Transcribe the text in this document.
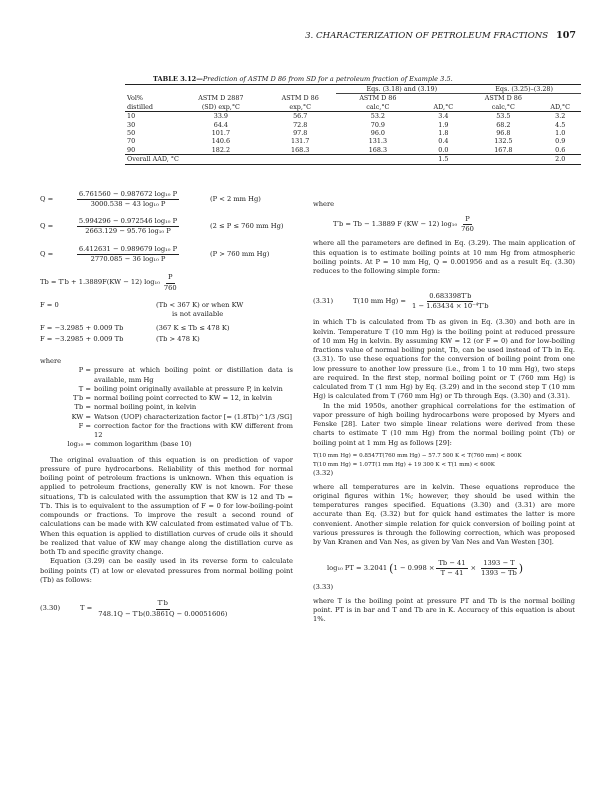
3. CHARACTERIZATION OF PETROLEUM FRACTIONS 107
TABLE 3.12—Prediction of ASTM D 86 from SD for a petroleum fraction of Example 3.5.
			Eqs. (3.18) and (3.19)		Eqs. (3.25)–(3.28)	
Vol%	ASTM D 2887	ASTM D 86	ASTM D 86		ASTM D 86	
distilled	(SD) exp,°C	exp,°C	calc,°C	AD,°C	calc,°C	AD,°C
10	33.9	56.7	53.2	3.4	53.5	3.2
30	64.4	72.8	70.9	1.9	68.2	4.5
50	101.7	97.8	96.0	1.8	96.8	1.0
70	140.6	131.7	131.3	0.4	132.5	0.9
90	182.2	168.3	168.3	0.0	167.8	0.6
Overall AAD, °C				1.5		2.0
Q =	$\frac{\text{6.761560 − 0.987672 log₁₀ P}}{\text{3000.538 − 43 log₁₀ P}} (P < 2$ mm Hg)
Q =	$\frac{\text{5.994296 − 0.972546 log₁₀ P}}{\text{2663.129 − 95.76 log₁₀ P}} (2 \le P \le 760$ mm Hg)
Q =	$\frac{\text{6.412631 − 0.989679 log₁₀ P}}{\text{2770.085 − 36 log₁₀ P}} (P > 760$ mm Hg)
Tb = T′b + 1.3889F(KW − 12) $\log_{10} \frac{P}{760}$
F = 0	(Tb < 367 K) or when KW
is not available
F = −3.2985 + 0.009 Tb	(367 K ≤ Tb ≤ 478 K)
F = −3.2985 + 0.009 Tb	(Tb > 478 K)
where
P = pressure at which boiling point or distillation data is available, mm Hg
T = boiling point originally available at pressure P, in kelvin
T′b = normal boiling point corrected to KW = 12, in kelvin
Tb = normal boiling point, in kelvin
KW = Watson (UOP) characterization factor [= (1.8Tb)^1/3 /SG]
F = correction factor for the fractions with KW different from 12
log₁₀ = common logarithm (base 10)

The original evaluation of this equation is on prediction of vapor pressure of pure hydrocarbons. Reliability of this method for normal boiling point of petroleum fractions is unknown. When this equation is applied to petroleum fractions, generally KW is not known. For these situations, T′b is calculated with the assumption that KW is 12 and Tb = T′b. This is to equivalent to the assumption of F = 0 for low-boiling-point compounds or fractions. To improve the result a second round of calculations can be made with KW calculated from estimated value of T′b. When this equation is applied to distillation curves of crude oils it should be realized that value of KW may change along the distillation curve as both Tb and specific gravity change.

Equation (3.29) can be easily used in its reverse form to calculate boiling points (T) at low or elevated pressures from normal boiling point (Tb) as follows:

(3.30)	$T = \frac{T'b}{748.1Q - T'b(0.3861Q - 0.00051606)}$
where
T′b = Tb − 1.3889 F (KW − 12) $\log_{10} \frac{P}{760}$

where all the parameters are defined in Eq. (3.29). The main application of this equation is to estimate boiling points at 10 mm Hg from atmospheric boiling points. At P = 10 mm Hg, Q = 0.001956 and as a result Eq. (3.30) reduces to the following simple form:

(3.31)	T(10 mm $Hg) = \frac{0.683398T'b}{\text{1 − 1.63434 × 10⁻⁴T′b}}$

in which T′b is calculated from Tb as given in Eq. (3.30) and both are in kelvin. Temperature T (10 mm Hg) is the boiling point at reduced pressure of 10 mm Hg in kelvin. By assuming KW = 12 (or F = 0) and for low-boiling fractions value of normal boiling point, Tb, can be used instead of T′b in Eq. (3.31). To use these equations for the conversion of boiling point from one low pressure to another low pressure (i.e., from 1 to 10 mm Hg), two steps are required. In the first step, normal boiling point or T (760 mm Hg) is calculated from T (1 mm Hg) by Eq. (3.29) and in the second step T (10 mm Hg) is calculated from T (760 mm Hg) or Tb through Eqs. (3.30) and (3.31).

In the mid 1950s, another graphical correlations for the estimation of vapor pressure of high boiling hydrocarbons were proposed by Myers and Fenske [28]. Later two simple linear relations were derived from these charts to estimate T (10 mm Hg) from the normal boiling point (Tb) or boiling point at 1 mm Hg as follows [29]:

T(10 mm Hg) = 0.8547T(760 mm Hg) − 57.7 500 K < T(760 mm) < 800K
T(10 mm Hg) = 1.07T(1 mm Hg) + 19 300 K < T(1 mm) < 600K
(3.32)

where all temperatures are in kelvin. These equations reproduce the original figures within 1%; however, they should be used within the temperatures ranges specified. Equations (3.30) and (3.31) are more accurate than Eq. (3.32) but for quick hand estimates the latter is more convenient. Another simple relation for quick conversion of boiling point at various pressures is through the following correction, which was proposed by Van Kranen and Van Nes, as given by Van Nes and Van Westen [30].

log₁₀ PT = 3.2041 ( $1 - 0.998 \times \frac{Tb - 41}{T - 41} \times \frac{1393 - T}{1393 - Tb}$ )
(3.33)

where T is the boiling point at pressure PT and Tb is the normal boiling point. PT is in bar and T and Tb are in K. Accuracy of this equation is about 1%.
